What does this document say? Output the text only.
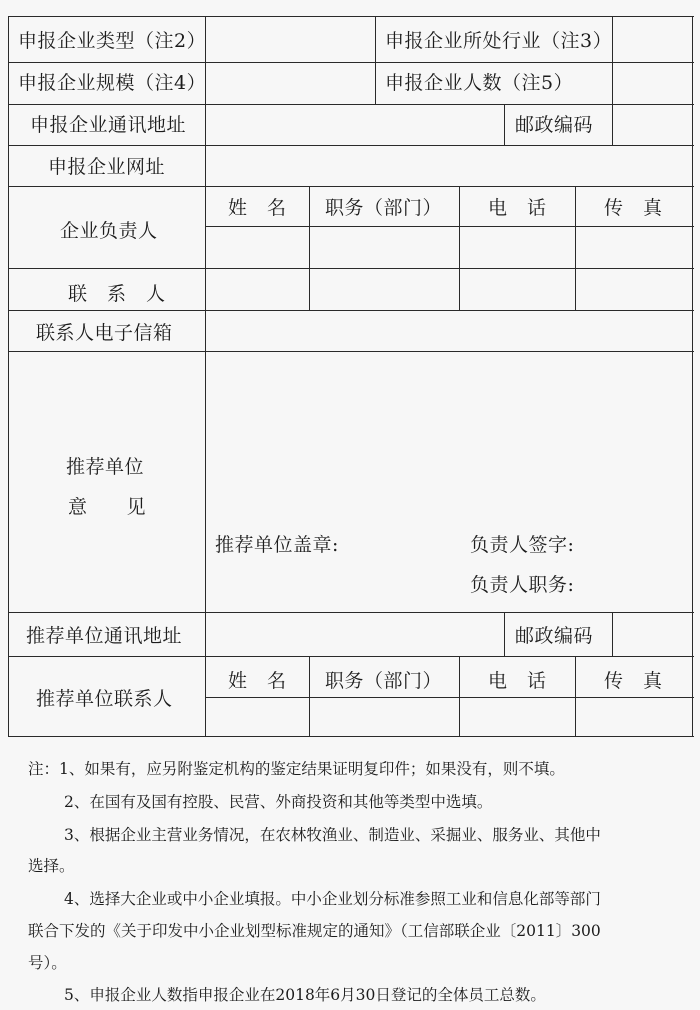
申报企业类型（注2）	申报企业所处行业（注3）
申报企业规模（注4）	申报企业人数（注5）
申报企业通讯地址	邮政编码
申报企业网址
姓　名 职务（部门） 电　话	传　真
企业负责人
联　系　人
联系人电子信箱
推荐单位
意　　见
推荐单位盖章:	负责人签字:
负责人职务:
推荐单位通讯地址	邮政编码
姓　名 职务（部门） 电　话	传　真
推荐单位联系人
注：1、如果有，应另附鉴定机构的鉴定结果证明复印件；如果没有，则不填。
2、在国有及国有控股、民营、外商投资和其他等类型中选填。
3、根据企业主营业务情况，在农林牧渔业、制造业、采掘业、服务业、其他中
选择。
4、选择大企业或中小企业填报。中小企业划分标准参照工业和信息化部等部门
联合下发的《关于印发中小企业划型标准规定的通知》（工信部联企业〔2011〕300
号）。
5、申报企业人数指申报企业在2018年6月30日登记的全体员工总数。
